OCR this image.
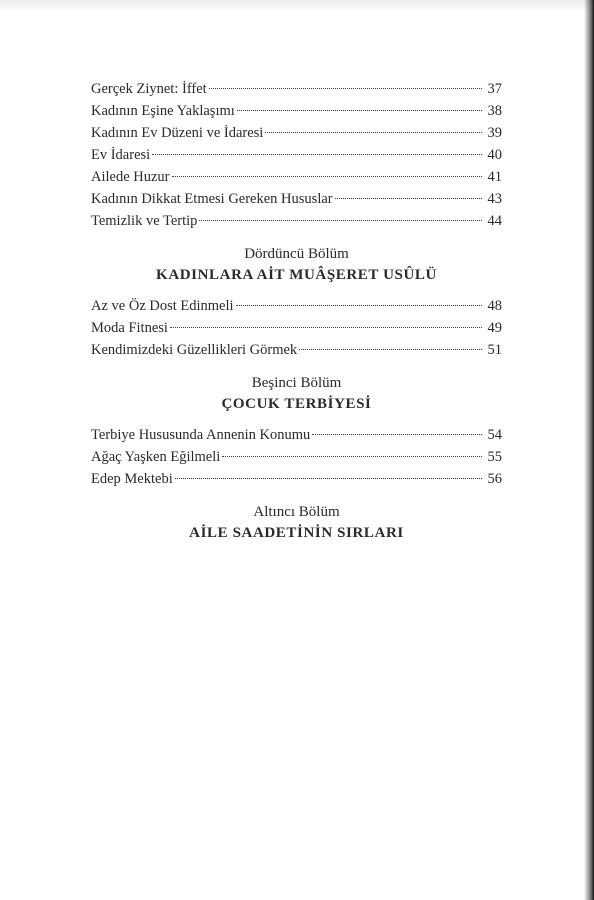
Gerçek Ziynet: İffet	37
Kadının Eşine Yaklaşımı	38
Kadının Ev Düzeni ve İdaresi	39
Ev İdaresi	40
Ailede Huzur	41
Kadının Dikkat Etmesi Gereken Hususlar	43
Temizlik ve Tertip	44
Dördüncü Bölüm
KADINLARA AİT MUÂŞERET USÛLÜ
Az ve Öz Dost Edinmeli	48
Moda Fitnesi	49
Kendimizdeki Güzellikleri Görmek	51
Beşinci Bölüm
ÇOCUK TERBİYESİ
Terbiye Hususunda Annenin Konumu	54
Ağaç Yaşken Eğilmeli	55
Edep Mektebi	56
Altıncı Bölüm
AİLE SAADETİNİN SIRLARI
